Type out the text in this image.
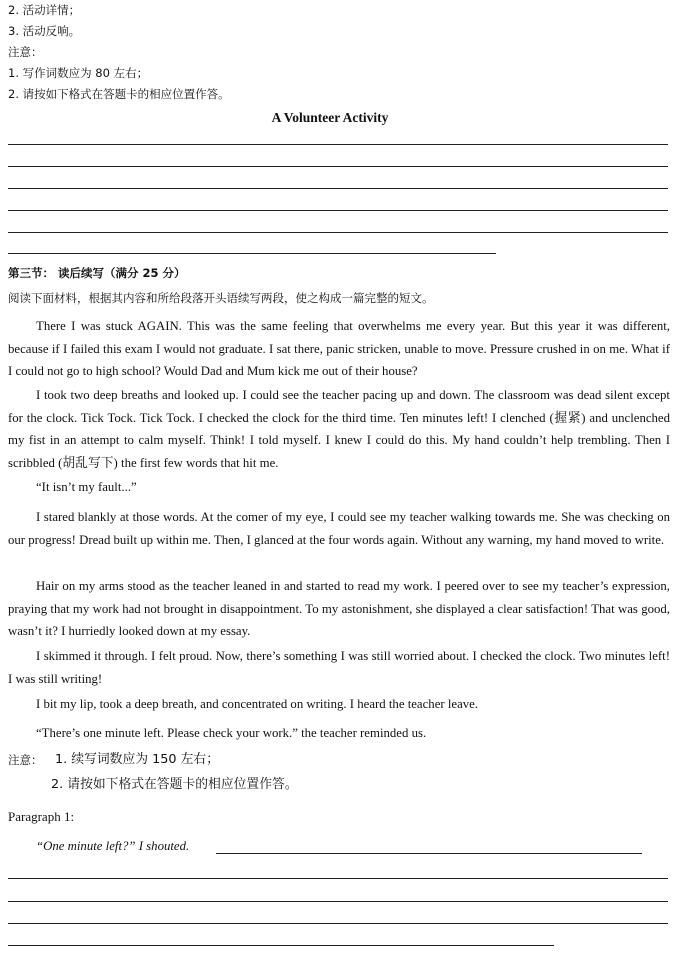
2. 活动详情；
3. 活动反响。
注意：
1. 写作词数应为 80 左右；
2. 请按如下格式在答题卡的相应位置作答。
A Volunteer Activity
第三节： 读后续写（满分 25 分）
阅读下面材料，根据其内容和所给段落开头语续写两段，使之构成一篇完整的短文。

There I was stuck AGAIN. This was the same feeling that overwhelms me every year. But this year it was different, because if I failed this exam I would not graduate. I sat there, panic stricken, unable to move. Pressure crushed in on me. What if I could not go to high school? Would Dad and Mum kick me out of their house?

I took two deep breaths and looked up. I could see the teacher pacing up and down. The classroom was dead silent except for the clock. Tick Tock. Tick Tock. I checked the clock for the third time. Ten minutes left! I clenched (握紧) and unclenched my fist in an attempt to calm myself. Think! I told myself. I knew I could do this. My hand couldn’t help trembling. Then I scribbled (胡乱写下) the first few words that hit me.

“It isn’t my fault...”

I stared blankly at those words. At the comer of my eye, I could see my teacher walking towards me. She was checking on our progress! Dread built up within me. Then, I glanced at the four words again. Without any warning, my hand moved to write.

Hair on my arms stood as the teacher leaned in and started to read my work. I peered over to see my teacher’s expression, praying that my work had not brought in disappointment. To my astonishment, she displayed a clear satisfaction! That was good, wasn’t it? I hurriedly looked down at my essay.

I skimmed it through. I felt proud. Now, there’s something I was still worried about. I checked the clock. Two minutes left! I was still writing!

I bit my lip, took a deep breath, and concentrated on writing. I heard the teacher leave.

“There’s one minute left. Please check your work.” the teacher reminded us.

注意： 1. 续写词数应为 150 左右；
2. 请按如下格式在答题卡的相应位置作答。
Paragraph 1:
“One minute left?” I shouted.
